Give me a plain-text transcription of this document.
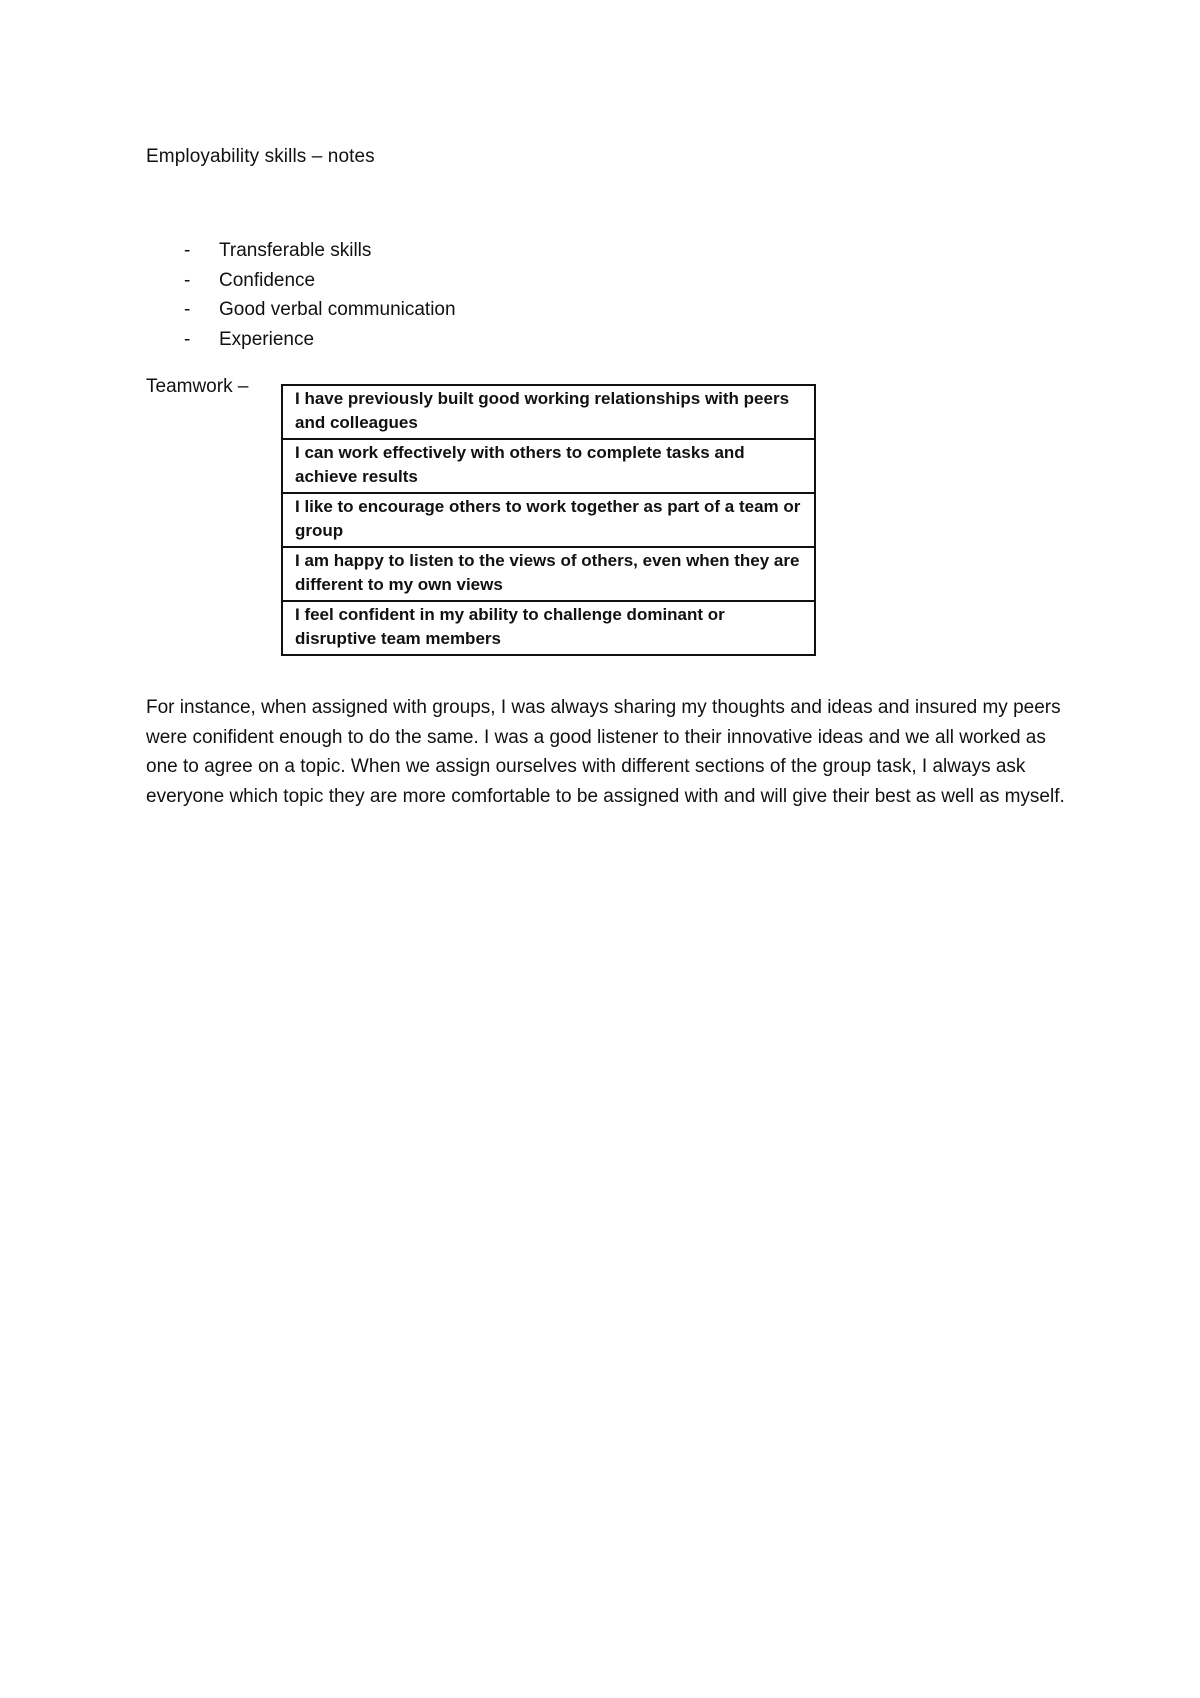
Employability skills – notes
- Transferable skills
- Confidence
- Good verbal communication
- Experience
Teamwork –
I have previously built good working relationships with peers and colleagues
I can work effectively with others to complete tasks and achieve results
I like to encourage others to work together as part of a team or group
I am happy to listen to the views of others, even when they are different to my own views
I feel confident in my ability to challenge dominant or disruptive team members

For instance, when assigned with groups, I was always sharing my thoughts and ideas and insured my peers were conifident enough to do the same. I was a good listener to their innovative ideas and we all worked as one to agree on a topic. When we assign ourselves with different sections of the group task, I always ask everyone which topic they are more comfortable to be assigned with and will give their best as well as myself.
